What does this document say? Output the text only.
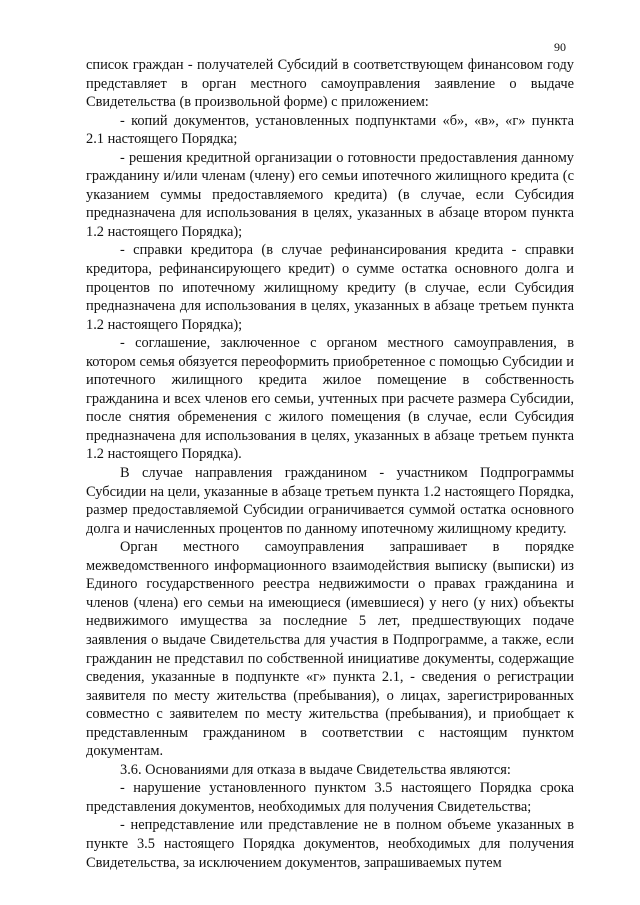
90

список граждан - получателей Субсидий в соответствующем финансовом году представляет в орган местного самоуправления заявление о выдаче Свидетельства (в произвольной форме) с приложением:

- копий документов, установленных подпунктами «б», «в», «г» пункта 2.1 настоящего Порядка;

- решения кредитной организации о готовности предоставления данному гражданину и/или членам (члену) его семьи ипотечного жилищного кредита (с указанием суммы предоставляемого кредита) (в случае, если Субсидия предназначена для использования в целях, указанных в абзаце втором пункта 1.2 настоящего Порядка);

- справки кредитора (в случае рефинансирования кредита - справки кредитора, рефинансирующего кредит) о сумме остатка основного долга и процентов по ипотечному жилищному кредиту (в случае, если Субсидия предназначена для использования в целях, указанных в абзаце третьем пункта 1.2 настоящего Порядка);

- соглашение, заключенное с органом местного самоуправления, в котором семья обязуется переоформить приобретенное с помощью Субсидии и ипотечного жилищного кредита жилое помещение в собственность гражданина и всех членов его семьи, учтенных при расчете размера Субсидии, после снятия обременения с жилого помещения (в случае, если Субсидия предназначена для использования в целях, указанных в абзаце третьем пункта 1.2 настоящего Порядка).

В случае направления гражданином - участником Подпрограммы Субсидии на цели, указанные в абзаце третьем пункта 1.2 настоящего Порядка, размер предоставляемой Субсидии ограничивается суммой остатка основного долга и начисленных процентов по данному ипотечному жилищному кредиту.

Орган местного самоуправления запрашивает в порядке межведомственного информационного взаимодействия выписку (выписки) из Единого государственного реестра недвижимости о правах гражданина и членов (члена) его семьи на имеющиеся (имевшиеся) у него (у них) объекты недвижимого имущества за последние 5 лет, предшествующих подаче заявления о выдаче Свидетельства для участия в Подпрограмме, а также, если гражданин не представил по собственной инициативе документы, содержащие сведения, указанные в подпункте «г» пункта 2.1, - сведения о регистрации заявителя по месту жительства (пребывания), о лицах, зарегистрированных совместно с заявителем по месту жительства (пребывания), и приобщает к представленным гражданином в соответствии с настоящим пунктом документам.

3.6. Основаниями для отказа в выдаче Свидетельства являются:

- нарушение установленного пунктом 3.5 настоящего Порядка срока представления документов, необходимых для получения Свидетельства;

- непредставление или представление не в полном объеме указанных в пункте 3.5 настоящего Порядка документов, необходимых для получения Свидетельства, за исключением документов, запрашиваемых путем
